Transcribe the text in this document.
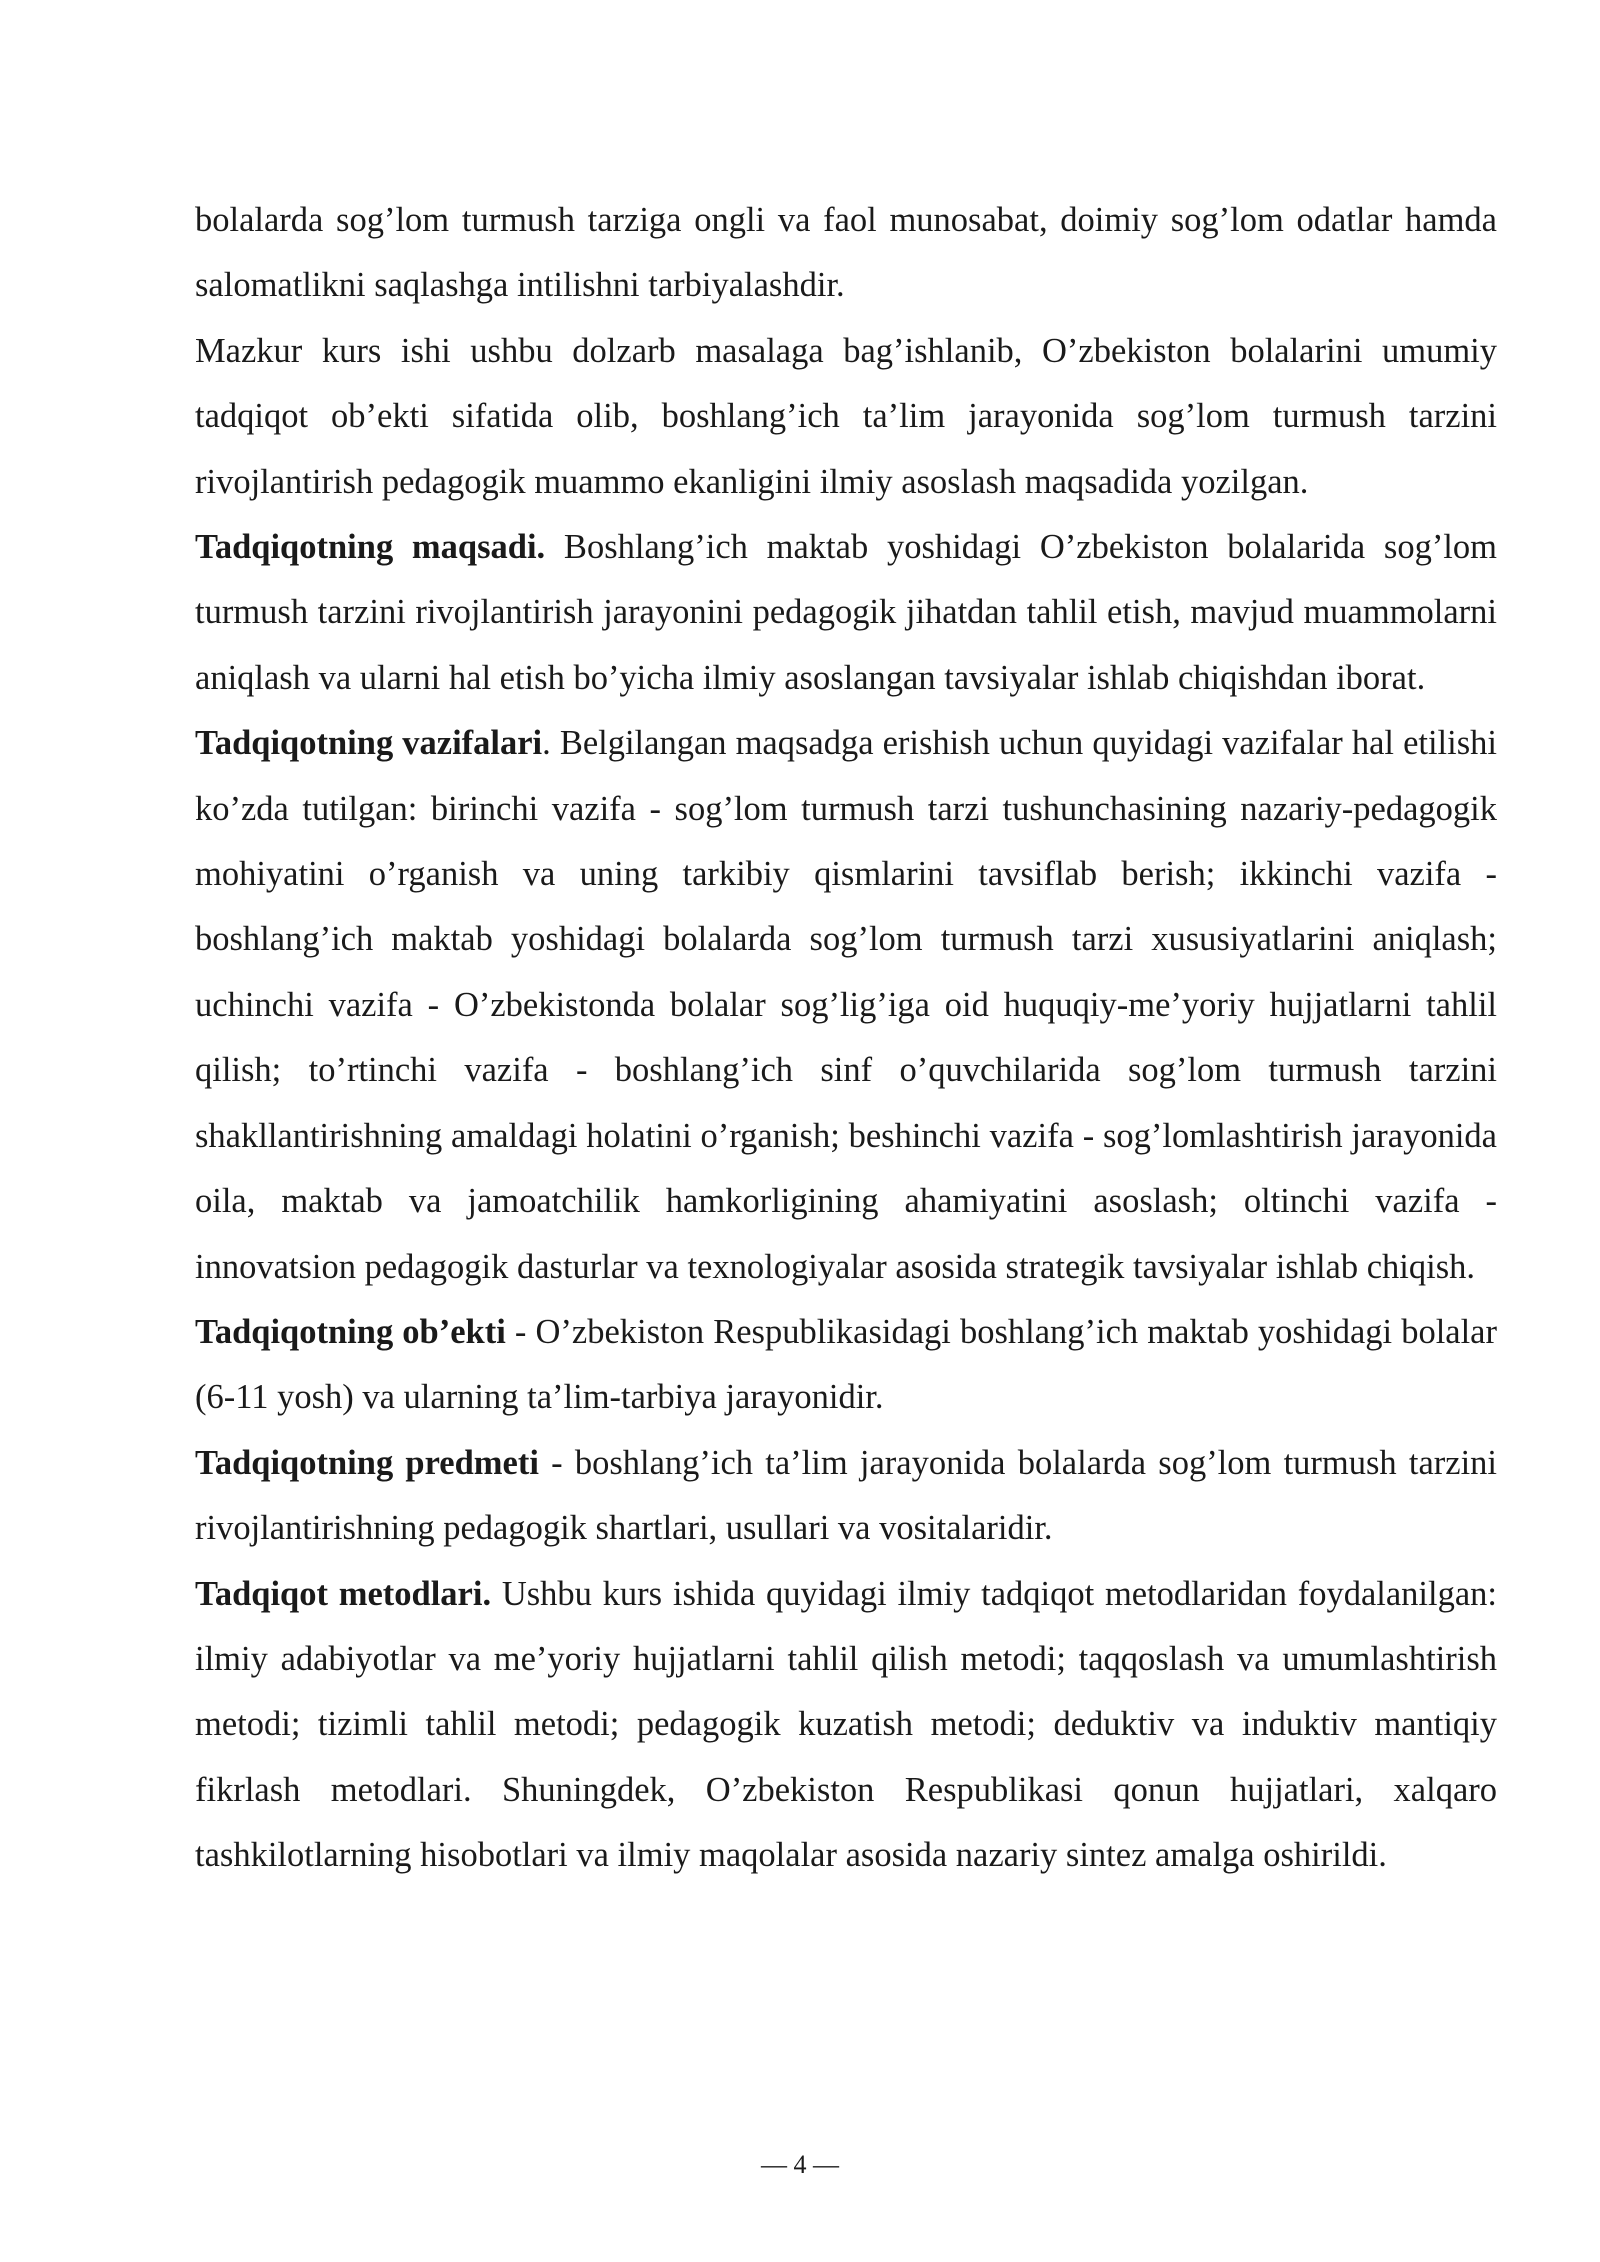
bolalarda sog’lom turmush tarziga ongli va faol munosabat, doimiy sog’lom odatlar hamda salomatlikni saqlashga intilishni tarbiyalashdir.

Mazkur kurs ishi ushbu dolzarb masalaga bag’ishlanib, O’zbekiston bolalarini umumiy tadqiqot ob’ekti sifatida olib, boshlang’ich ta’lim jarayonida sog’lom turmush tarzini rivojlantirish pedagogik muammo ekanligini ilmiy asoslash maqsadida yozilgan.

Tadqiqotning maqsadi. Boshlang’ich maktab yoshidagi O’zbekiston bolalarida sog’lom turmush tarzini rivojlantirish jarayonini pedagogik jihatdan tahlil etish, mavjud muammolarni aniqlash va ularni hal etish bo’yicha ilmiy asoslangan tavsiyalar ishlab chiqishdan iborat.

Tadqiqotning vazifalari. Belgilangan maqsadga erishish uchun quyidagi vazifalar hal etilishi ko’zda tutilgan: birinchi vazifa - sog’lom turmush tarzi tushunchasining nazariy-pedagogik mohiyatini o’rganish va uning tarkibiy qismlarini tavsiflab berish; ikkinchi vazifa - boshlang’ich maktab yoshidagi bolalarda sog’lom turmush tarzi xususiyatlarini aniqlash; uchinchi vazifa - O’zbekistonda bolalar sog’lig’iga oid huquqiy-me’yoriy hujjatlarni tahlil qilish; to’rtinchi vazifa - boshlang’ich sinf o’quvchilarida sog’lom turmush tarzini shakllantirishning amaldagi holatini o’rganish; beshinchi vazifa - sog’lomlashtirish jarayonida oila, maktab va jamoatchilik hamkorligining ahamiyatini asoslash; oltinchi vazifa - innovatsion pedagogik dasturlar va texnologiyalar asosida strategik tavsiyalar ishlab chiqish.

Tadqiqotning ob’ekti - O’zbekiston Respublikasidagi boshlang’ich maktab yoshidagi bolalar (6-11 yosh) va ularning ta’lim-tarbiya jarayonidir.

Tadqiqotning predmeti - boshlang’ich ta’lim jarayonida bolalarda sog’lom turmush tarzini rivojlantirishning pedagogik shartlari, usullari va vositalaridir.

Tadqiqot metodlari. Ushbu kurs ishida quyidagi ilmiy tadqiqot metodlaridan foydalanilgan: ilmiy adabiyotlar va me’yoriy hujjatlarni tahlil qilish metodi; taqqoslash va umumlashtirish metodi; tizimli tahlil metodi; pedagogik kuzatish metodi; deduktiv va induktiv mantiqiy fikrlash metodlari. Shuningdek, O’zbekiston Respublikasi qonun hujjatlari, xalqaro tashkilotlarning hisobotlari va ilmiy maqolalar asosida nazariy sintez amalga oshirildi.

— 4 —
